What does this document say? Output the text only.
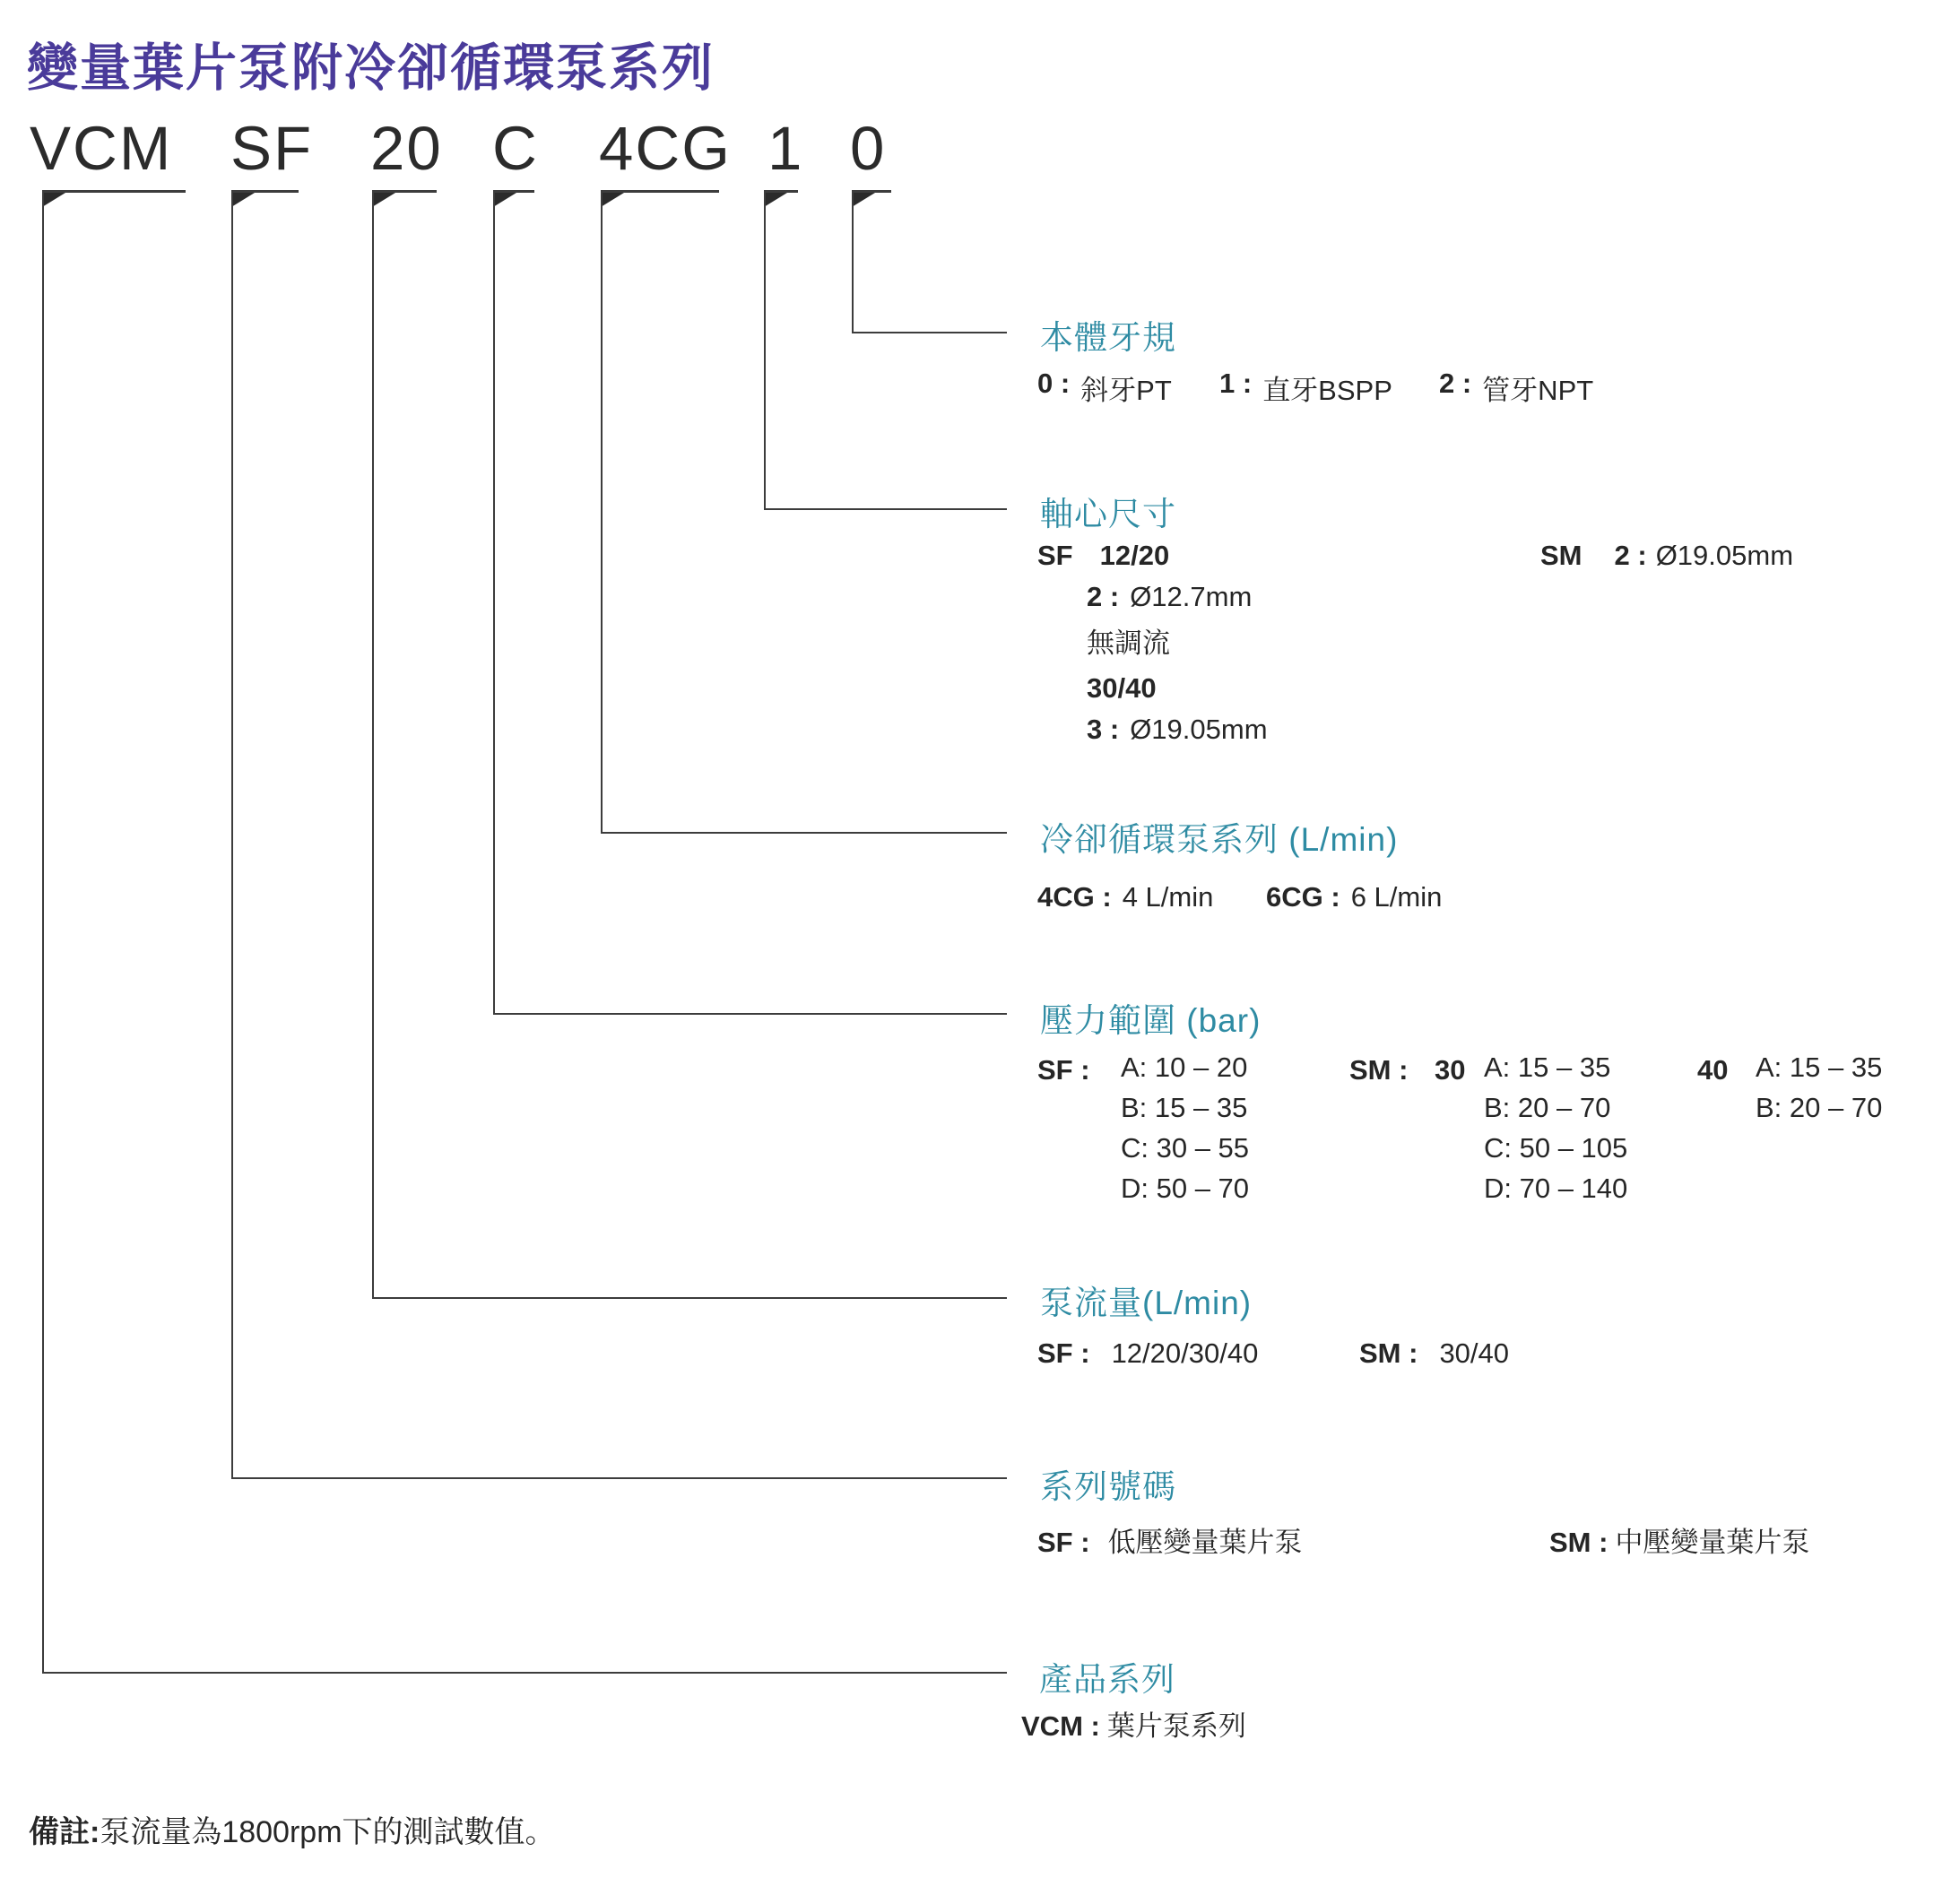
變量葉片泵附冷卻循環泵系列
VCM SF 20 C 4CG 1 0
本體牙規
0 : 斜牙PT 1 : 直牙BSPP 2 : 管牙NPT
軸心尺寸
SF 12/20
2 : Ø12.7mm
無調流
30/40
3 : Ø19.05mm
SM 2 : Ø19.05mm
冷卻循環泵系列 (L/min)
4CG : 4 L/min 6CG : 6 L/min
壓力範圍 (bar)
SF : A: 10 – 20
B: 15 – 35
C: 30 – 55
D: 50 – 70
SM : 30 A: 15 – 35
B: 20 – 70
C: 50 – 105
D: 70 – 140
40 A: 15 – 35
B: 20 – 70
泵流量(L/min)
SF : 12/20/30/40	SM : 30/40
系列號碼
SF : 低壓變量葉片泵	SM : 中壓變量葉片泵
產品系列
VCM : 葉片泵系列
備註:泵流量為1800rpm下的測試數值。
